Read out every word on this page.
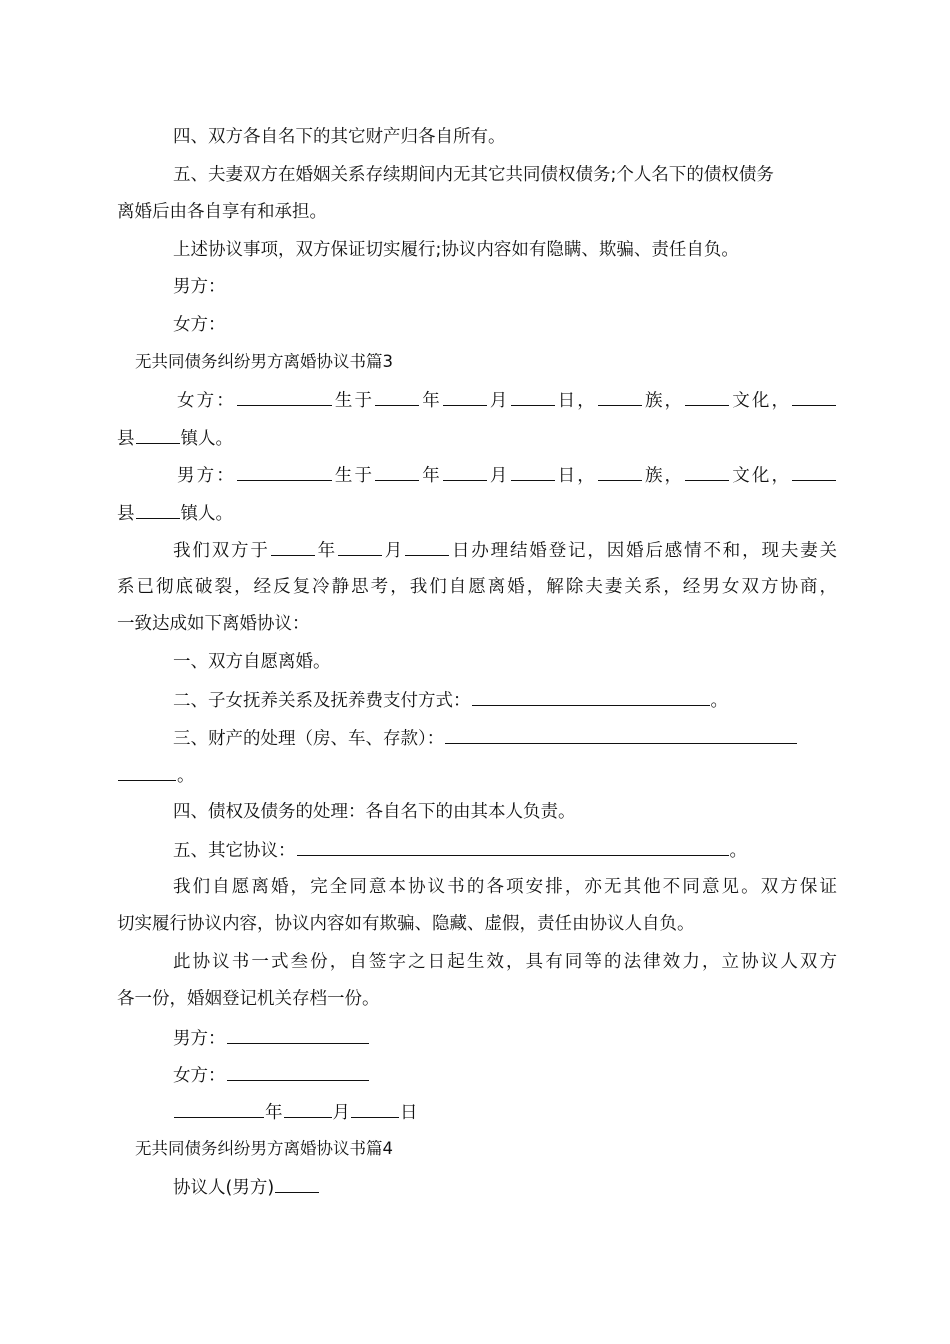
四、双方各自名下的其它财产归各自所有。
五、夫妻双方在婚姻关系存续期间内无其它共同债权债务;个人名下的债权债务
离婚后由各自享有和承担。
上述协议事项，双方保证切实履行;协议内容如有隐瞒、欺骗、责任自负。
男方：
女方：
无共同债务纠纷男方离婚协议书篇3
女方：	生于	年	月	日，	族，	文化，
县	镇人。
男方：	生于	年	月	日，	族，	文化，
县	镇人。
我们双方于	年	月	日办理结婚登记，因婚后感情不和，现夫妻关
系已彻底破裂，经反复冷静思考，我们自愿离婚，解除夫妻关系，经男女双方协商，
一致达成如下离婚协议：
一、双方自愿离婚。
二、子女抚养关系及抚养费支付方式：	。
三、财产的处理（房、车、存款）：
。
四、债权及债务的处理：各自名下的由其本人负责。
五、其它协议：	。
我们自愿离婚，完全同意本协议书的各项安排，亦无其他不同意见。双方保证
切实履行协议内容，协议内容如有欺骗、隐藏、虚假，责任由协议人自负。
此协议书一式叁份，自签字之日起生效，具有同等的法律效力，立协议人双方
各一份，婚姻登记机关存档一份。
男方：
女方：
年	月	日
无共同债务纠纷男方离婚协议书篇4
协议人(男方)
